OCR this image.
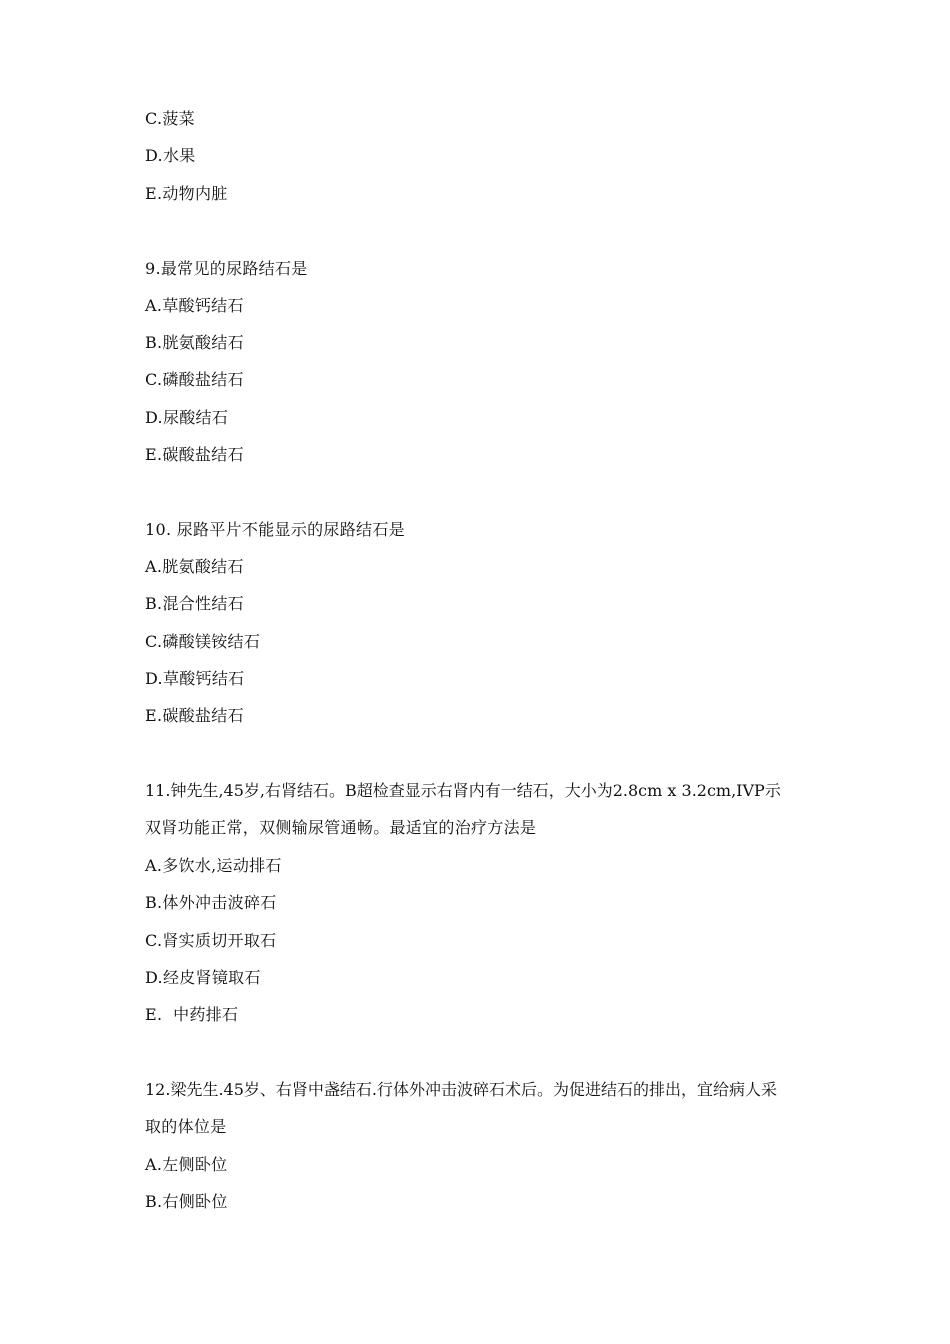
C.菠菜
D.水果
E.动物内脏
9.最常见的尿路结石是
A.草酸钙结石
B.胱氨酸结石
C.磷酸盐结石
D.尿酸结石
E.碳酸盐结石
10. 尿路平片不能显示的尿路结石是
A.胱氨酸结石
B.混合性结石
C.磷酸镁铵结石
D.草酸钙结石
E.碳酸盐结石
11.钟先生,45岁,右肾结石。B超检查显示右肾内有一结石，大小为2.8cm x 3.2cm,IVP示
双肾功能正常，双侧输尿管通畅。最适宜的治疗方法是
A.多饮水,运动排石
B.体外冲击波碎石
C.肾实质切开取石
D.经皮肾镜取石
E.  中药排石
12.梁先生.45岁、右肾中盏结石.行体外冲击波碎石术后。为促进结石的排出，宜给病人采
取的体位是
A.左侧卧位
B.右侧卧位
